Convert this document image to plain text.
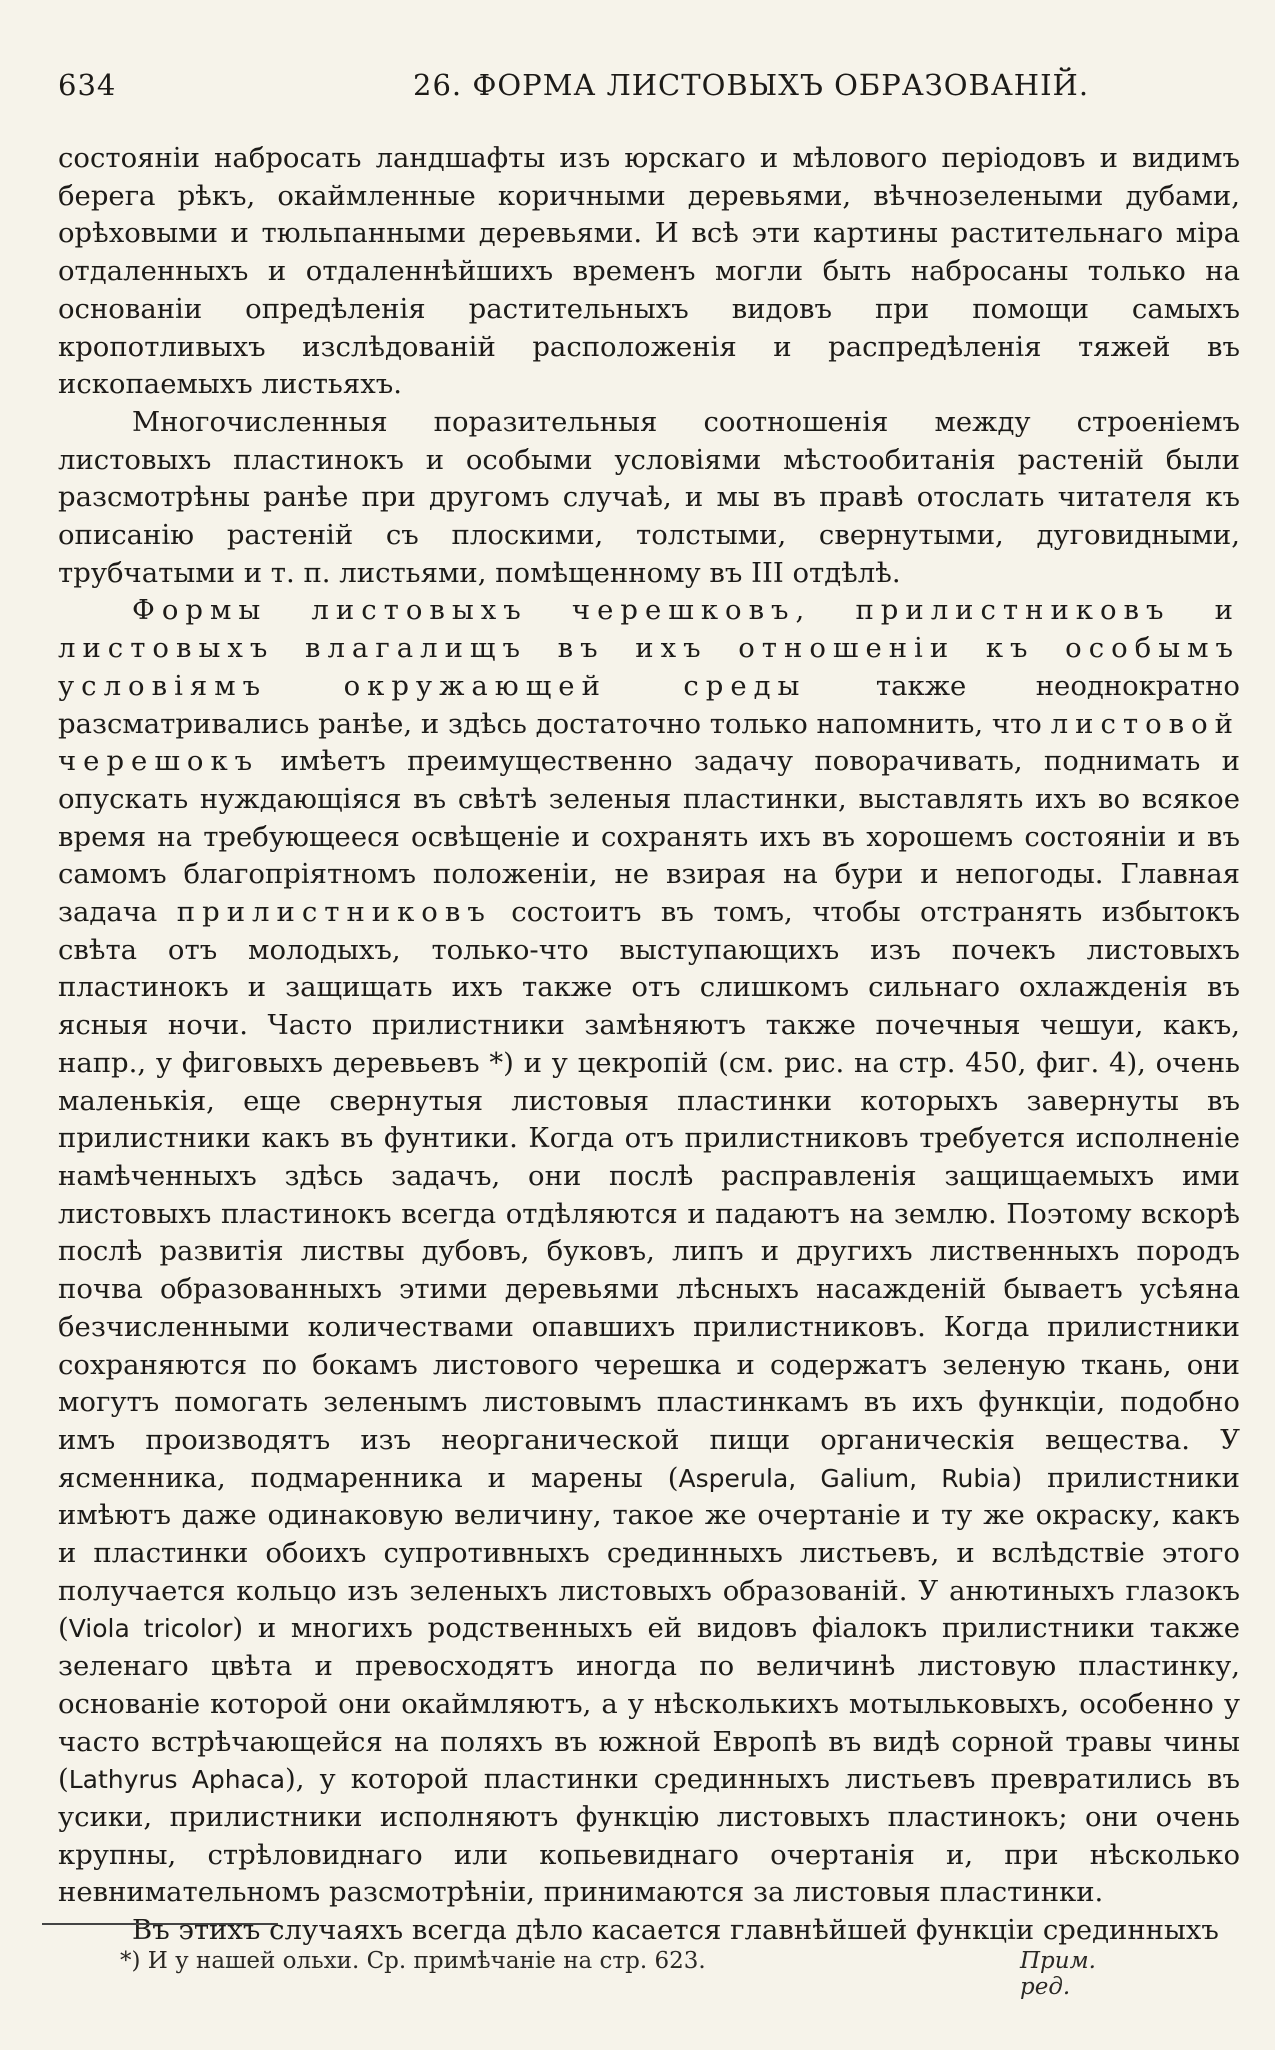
634	26. ФОРМА ЛИСТОВЫХЪ ОБРАЗОВАНІЙ.

состояніи набросать ландшафты изъ юрскаго и мѣлового періодовъ и видимъ берега рѣкъ, окаймленные коричными деревьями, вѣчнозелеными дубами, орѣховыми и тюльпанными деревьями. И всѣ эти картины растительнаго міра отдаленныхъ и отдаленнѣйшихъ временъ могли быть набросаны только на основаніи опредѣленія растительныхъ видовъ при помощи самыхъ кропотливыхъ изслѣдованій расположенія и распредѣленія тяжей въ ископаемыхъ листьяхъ.

Многочисленныя поразительныя соотношенія между строеніемъ листовыхъ пластинокъ и особыми условіями мѣстообитанія растеній были разсмотрѣны ранѣе при другомъ случаѣ, и мы въ правѣ отослать читателя къ описанію растеній съ плоскими, толстыми, свернутыми, дуговидными, трубчатыми и т. п. листьями, помѣщенному въ III отдѣлѣ.

Формы листовыхъ черешковъ, прилистниковъ и листовыхъ влагалищъ въ ихъ отношеніи къ особымъ условіямъ окружающей среды также неоднократно разсматривались ранѣе, и здѣсь достаточно только напомнить, что листовой черешокъ имѣетъ преимущественно задачу поворачивать, поднимать и опускать нуждающіяся въ свѣтѣ зеленыя пластинки, выставлять ихъ во всякое время на требующееся освѣщеніе и сохранять ихъ въ хорошемъ состояніи и въ самомъ благопріятномъ положеніи, не взирая на бури и непогоды. Главная задача прилистниковъ состоитъ въ томъ, чтобы отстранять избытокъ свѣта отъ молодыхъ, только-что выступающихъ изъ почекъ листовыхъ пластинокъ и защищать ихъ также отъ слишкомъ сильнаго охлажденія въ ясныя ночи. Часто прилистники замѣняютъ также почечныя чешуи, какъ, напр., у фиговыхъ деревьевъ *) и у цекропій (см. рис. на стр. 450, фиг. 4), очень маленькія, еще свернутыя листовыя пластинки которыхъ завернуты въ прилистники какъ въ фунтики. Когда отъ прилистниковъ требуется исполненіе намѣченныхъ здѣсь задачъ, они послѣ расправленія защищаемыхъ ими листовыхъ пластинокъ всегда отдѣляются и падаютъ на землю. Поэтому вскорѣ послѣ развитія листвы дубовъ, буковъ, липъ и другихъ лиственныхъ породъ почва образованныхъ этими деревьями лѣсныхъ насажденій бываетъ усѣяна безчисленными количествами опавшихъ прилистниковъ. Когда прилистники сохраняются по бокамъ листового черешка и содержатъ зеленую ткань, они могутъ помогать зеленымъ листовымъ пластинкамъ въ ихъ функціи, подобно имъ производятъ изъ неорганической пищи органическія вещества. У ясменника, подмаренника и марены (Asperula, Galium, Rubia) прилистники имѣютъ даже одинаковую величину, такое же очертаніе и ту же окраску, какъ и пластинки обоихъ супротивныхъ срединныхъ листьевъ, и вслѣдствіе этого получается кольцо изъ зеленыхъ листовыхъ образованій. У анютиныхъ глазокъ (Viola tricolor) и многихъ родственныхъ ей видовъ фіалокъ прилистники также зеленаго цвѣта и превосходятъ иногда по величинѣ листовую пластинку, основаніе которой они окаймляютъ, а у нѣсколькихъ мотыльковыхъ, особенно у часто встрѣчающейся на поляхъ въ южной Европѣ въ видѣ сорной травы чины (Lathyrus Aphaca), у которой пластинки срединныхъ листьевъ превратились въ усики, прилистники исполняютъ функцію листовыхъ пластинокъ; они очень крупны, стрѣловиднаго или копьевиднаго очертанія и, при нѣсколько невнимательномъ разсмотрѣніи, принимаются за листовыя пластинки.

Въ этихъ случаяхъ всегда дѣло касается главнѣйшей функціи срединныхъ

*) И у нашей ольхи. Ср. примѣчаніе на стр. 623.	Прим. ред.
